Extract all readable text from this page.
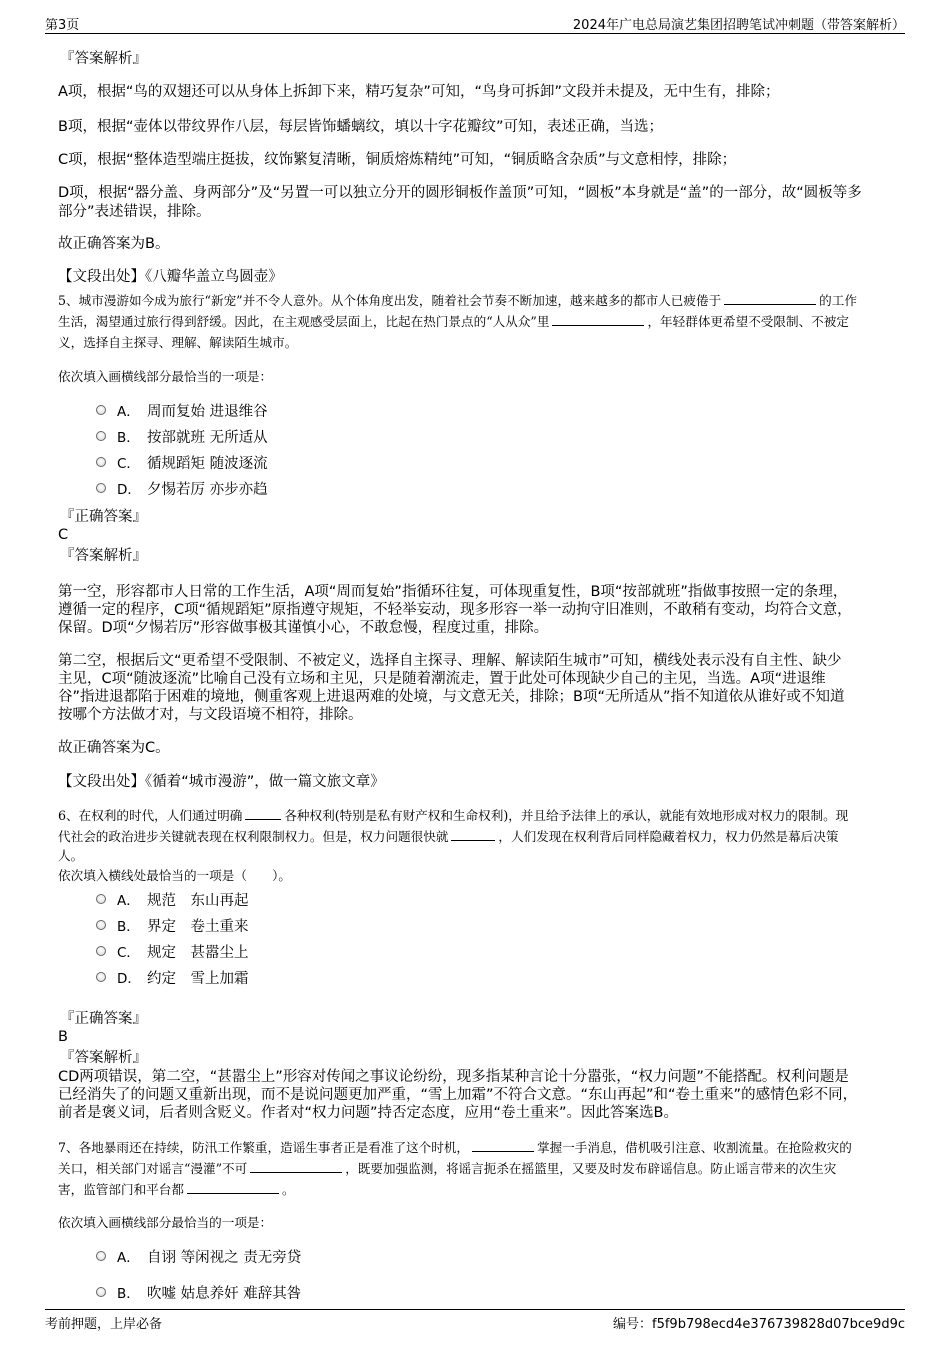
第3页	2024年广电总局演艺集团招聘笔试冲刺题（带答案解析）
『答案解析』
A项，根据“鸟的双翅还可以从身体上拆卸下来，精巧复杂”可知，“鸟身可拆卸”文段并未提及，无中生有，排除；
B项，根据“壶体以带纹界作八层，每层皆饰蟠螭纹，填以十字花瓣纹”可知，表述正确，当选；
C项，根据“整体造型端庄挺拔，纹饰繁复清晰，铜质熔炼精纯”可知，“铜质略含杂质”与文意相悖，排除；
D项，根据“器分盖、身两部分”及“另置一可以独立分开的圆形铜板作盖顶”可知，“圆板”本身就是“盖”的一部分，故“圆板等多
部分”表述错误，排除。
故正确答案为B。
【文段出处】《八瓣华盖立鸟圆壶》
5、城市漫游如今成为旅行“新宠”并不令人意外。从个体角度出发，随着社会节奏不断加速，越来越多的都市人已疲倦于	的工作
生活，渴望通过旅行得到舒缓。因此，在主观感受层面上，比起在热门景点的“人从众”里	，年轻群体更希望不受限制、不被定
义，选择自主探寻、理解、解读陌生城市。
依次填入画横线部分最恰当的一项是：
A． 周而复始 进退维谷
B． 按部就班 无所适从
C． 循规蹈矩 随波逐流
D． 夕惕若厉 亦步亦趋
『正确答案』
C
『答案解析』
第一空，形容都市人日常的工作生活，A项“周而复始”指循环往复，可体现重复性，B项“按部就班”指做事按照一定的条理，
遵循一定的程序，C项“循规蹈矩”原指遵守规矩，不轻举妄动，现多形容一举一动拘守旧准则，不敢稍有变动，均符合文意，
保留。D项“夕惕若厉”形容做事极其谨慎小心，不敢怠慢，程度过重，排除。
第二空，根据后文“更希望不受限制、不被定义，选择自主探寻、理解、解读陌生城市”可知，横线处表示没有自主性、缺少
主见，C项“随波逐流”比喻自己没有立场和主见，只是随着潮流走，置于此处可体现缺少自己的主见，当选。A项“进退维
谷”指进退都陷于困难的境地，侧重客观上进退两难的处境，与文意无关，排除；B项“无所适从”指不知道依从谁好或不知道
按哪个方法做才对，与文段语境不相符，排除。
故正确答案为C。
【文段出处】《循着“城市漫游”，做一篇文旅文章》
6、在权利的时代，人们通过明确	各种权利(特别是私有财产权和生命权利)，并且给予法律上的承认，就能有效地形成对权力的限制。现
代社会的政治进步关键就表现在权利限制权力。但是，权力问题很快就	，人们发现在权利背后同样隐藏着权力，权力仍然是幕后决策
人。
依次填入横线处最恰当的一项是（　　）。
A． 规范　东山再起
B． 界定　卷土重来
C． 规定　甚嚣尘上
D． 约定　雪上加霜
『正确答案』
B
『答案解析』
CD两项错误，第二空，“甚嚣尘上”形容对传闻之事议论纷纷，现多指某种言论十分嚣张，“权力问题”不能搭配。权利问题是
已经消失了的问题又重新出现，而不是说问题更加严重，“雪上加霜”不符合文意。“东山再起”和“卷土重来”的感情色彩不同，
前者是褒义词，后者则含贬义。作者对“权力问题”持否定态度，应用“卷土重来”。因此答案选B。
7、各地暴雨还在持续，防汛工作繁重，造谣生事者正是看准了这个时机，	掌握一手消息，借机吸引注意、收割流量。在抢险救灾的
关口，相关部门对谣言“漫灌”不可	，既要加强监测，将谣言扼杀在摇篮里，又要及时发布辟谣信息。防止谣言带来的次生灾
害，监管部门和平台都	。
依次填入画横线部分最恰当的一项是：
A． 自诩 等闲视之 责无旁贷
B． 吹嘘 姑息养奸 难辞其咎
考前押题，上岸必备	编号：f5f9b798ecd4e376739828d07bce9d9c
